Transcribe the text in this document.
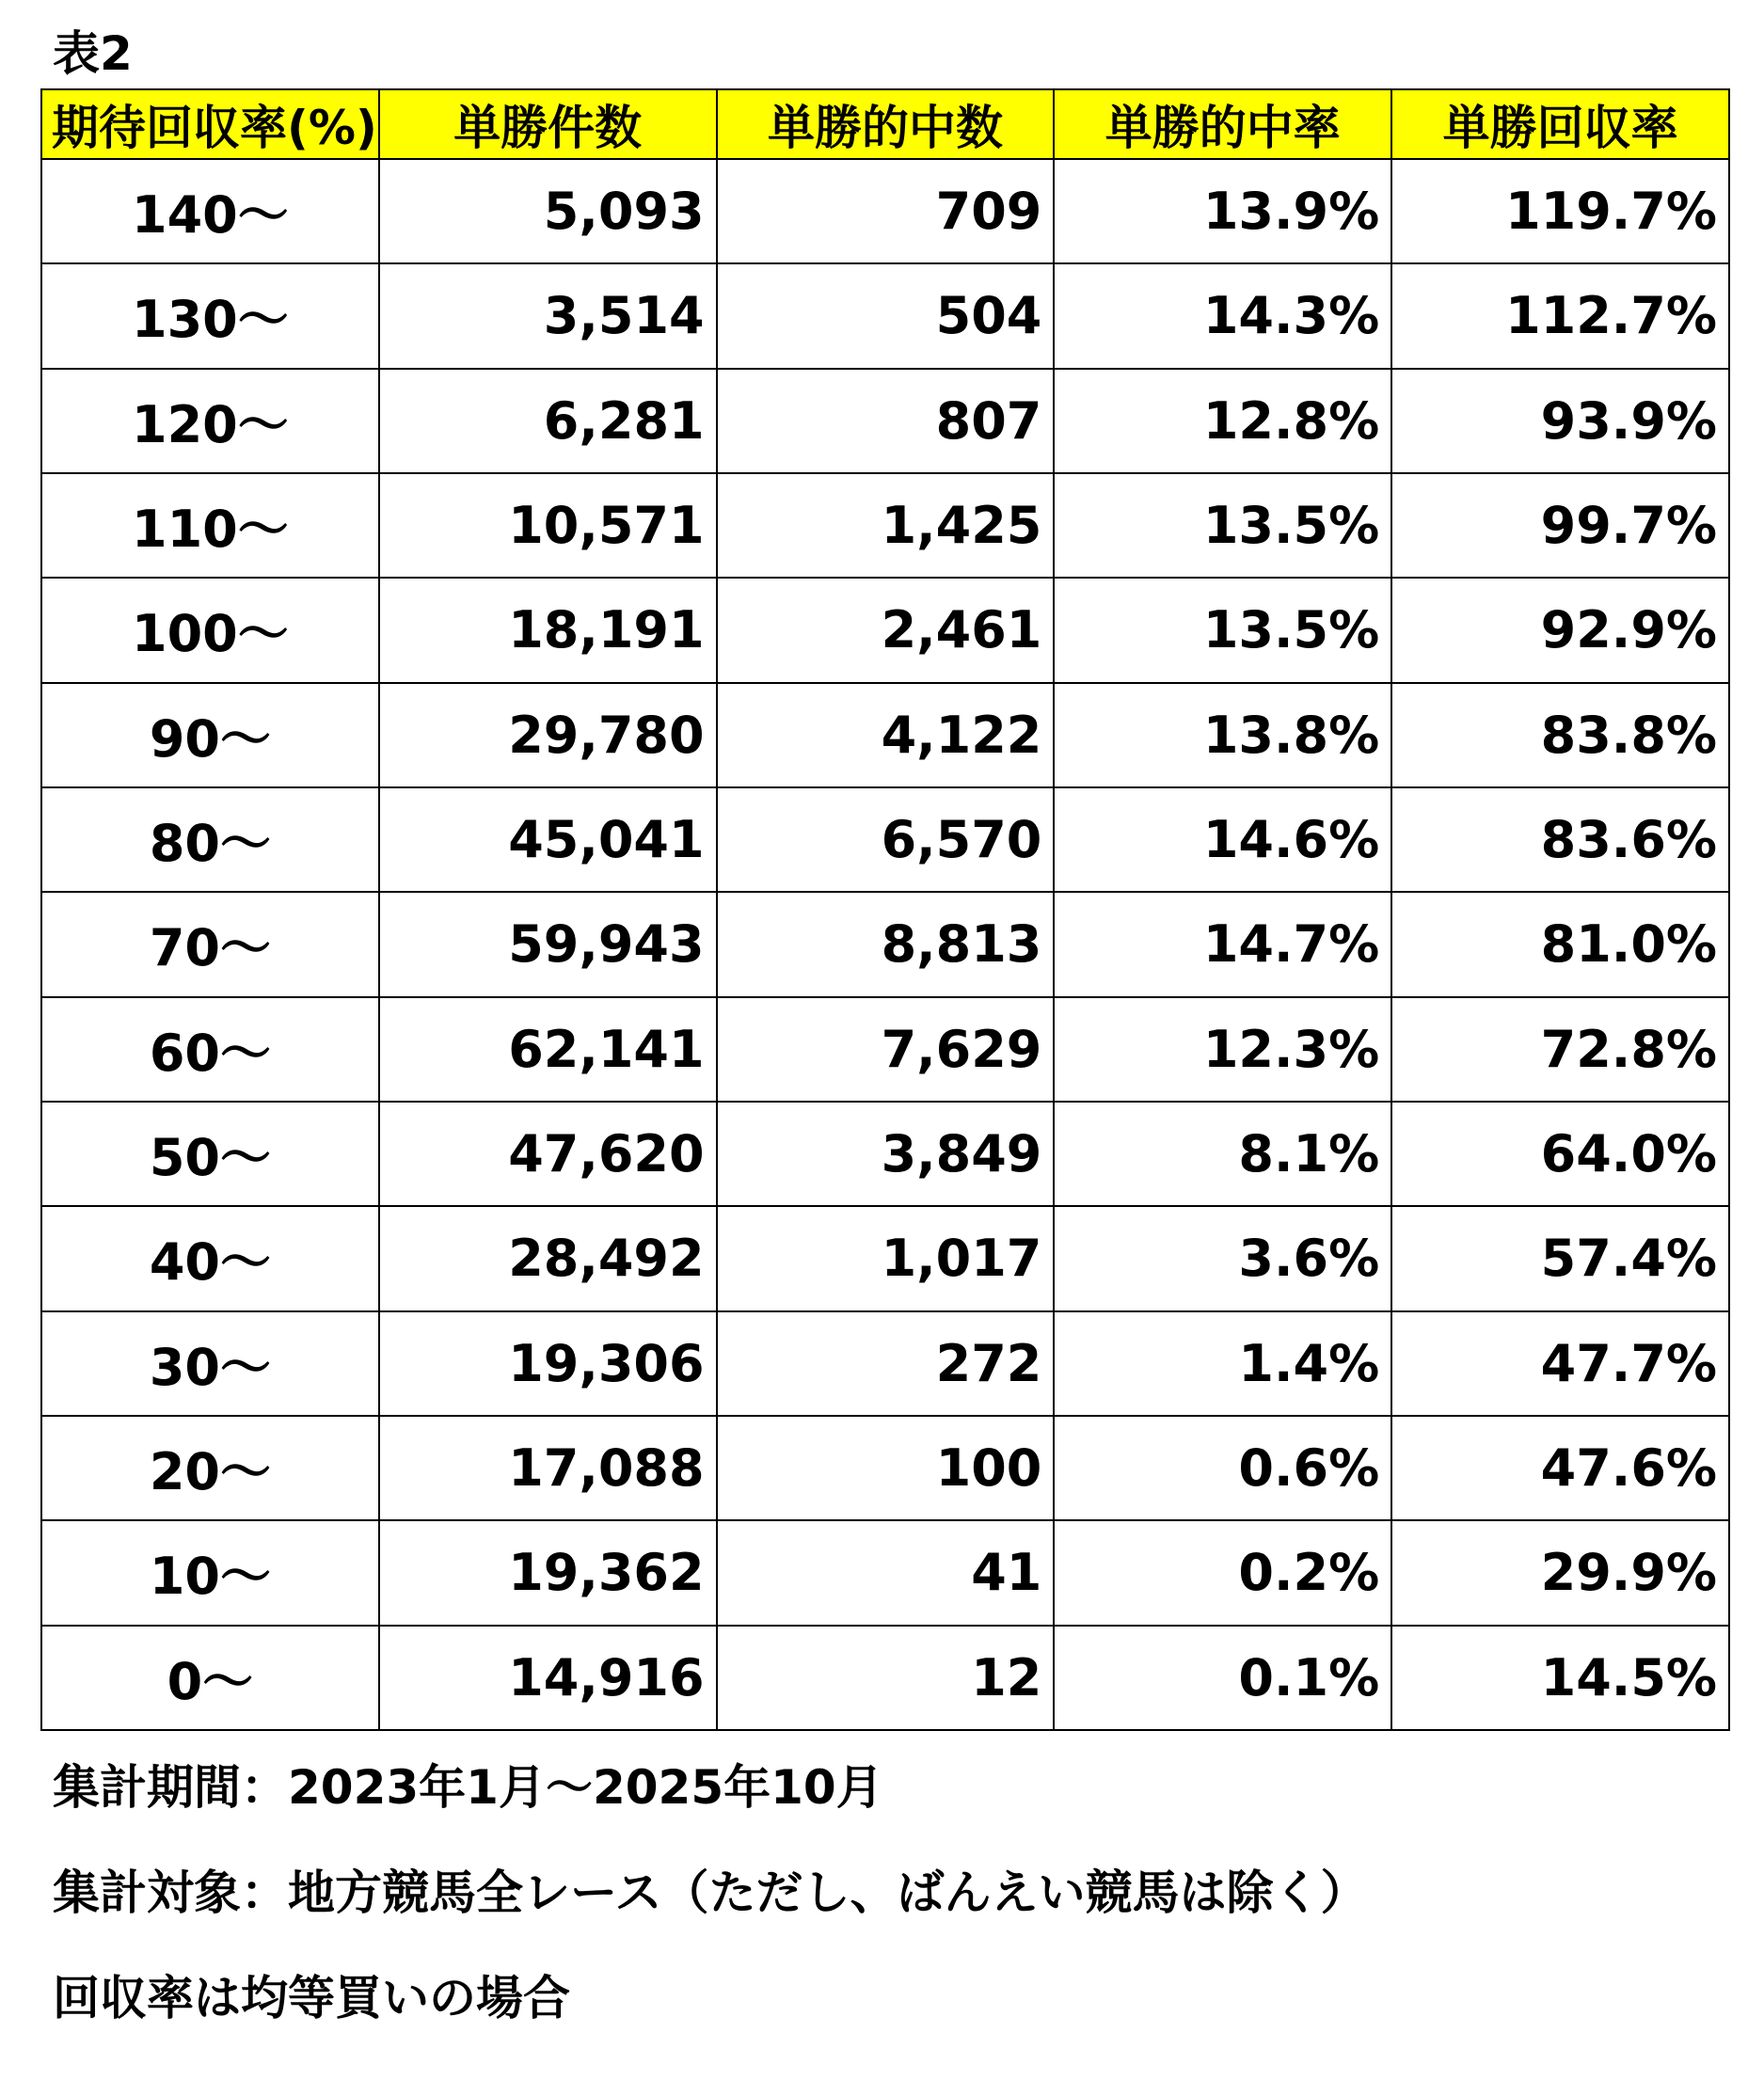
表2
期待回収率(%)	単勝件数	単勝的中数	単勝的中率	単勝回収率
140～	5,093	709	13.9%	119.7%
130～	3,514	504	14.3%	112.7%
120～	6,281	807	12.8%	93.9%
110～	10,571	1,425	13.5%	99.7%
100～	18,191	2,461	13.5%	92.9%
90～	29,780	4,122	13.8%	83.8%
80～	45,041	6,570	14.6%	83.6%
70～	59,943	8,813	14.7%	81.0%
60～	62,141	7,629	12.3%	72.8%
50～	47,620	3,849	8.1%	64.0%
40～	28,492	1,017	3.6%	57.4%
30～	19,306	272	1.4%	47.7%
20～	17,088	100	0.6%	47.6%
10～	19,362	41	0.2%	29.9%
0～	14,916	12	0.1%	14.5%
集計期間：2023年1月～2025年10月
集計対象：地方競馬全レース（ただし、ばんえい競馬は除く）
回収率は均等買いの場合
